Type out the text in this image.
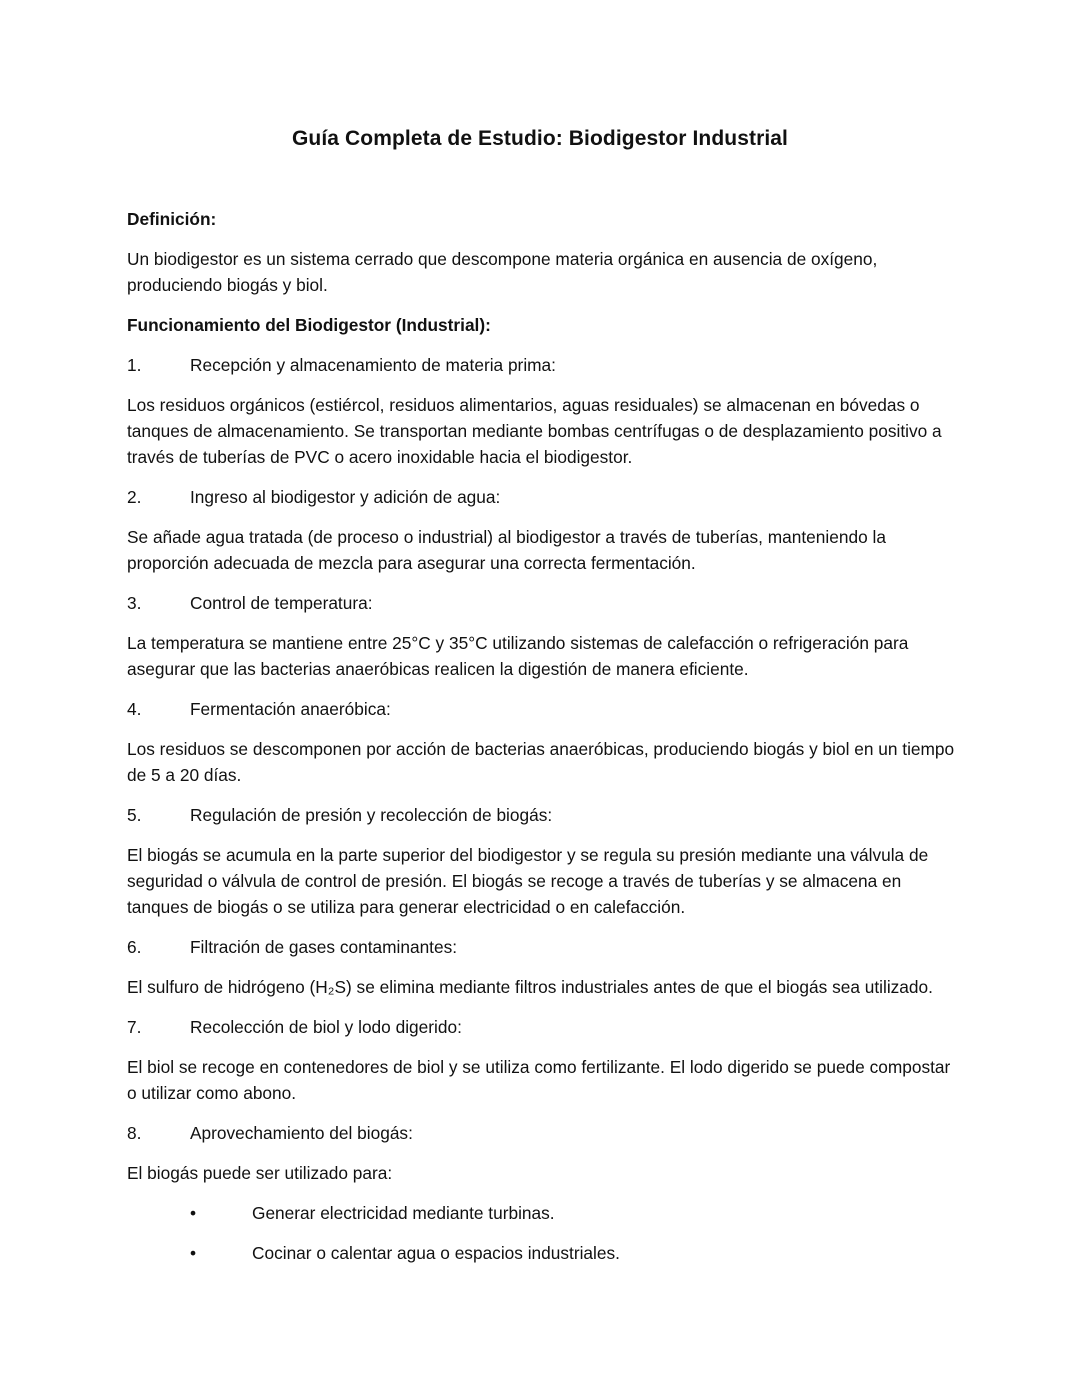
Guía Completa de Estudio: Biodigestor Industrial

Definición:

Un biodigestor es un sistema cerrado que descompone materia orgánica en ausencia de oxígeno, produciendo biogás y biol.

Funcionamiento del Biodigestor (Industrial):

1.	Recepción y almacenamiento de materia prima:

Los residuos orgánicos (estiércol, residuos alimentarios, aguas residuales) se almacenan en bóvedas o tanques de almacenamiento. Se transportan mediante bombas centrífugas o de desplazamiento positivo a través de tuberías de PVC o acero inoxidable hacia el biodigestor.

2.	Ingreso al biodigestor y adición de agua:

Se añade agua tratada (de proceso o industrial) al biodigestor a través de tuberías, manteniendo la proporción adecuada de mezcla para asegurar una correcta fermentación.

3.	Control de temperatura:

La temperatura se mantiene entre 25°C y 35°C utilizando sistemas de calefacción o refrigeración para asegurar que las bacterias anaeróbicas realicen la digestión de manera eficiente.

4.	Fermentación anaeróbica:

Los residuos se descomponen por acción de bacterias anaeróbicas, produciendo biogás y biol en un tiempo de 5 a 20 días.

5.	Regulación de presión y recolección de biogás:

El biogás se acumula en la parte superior del biodigestor y se regula su presión mediante una válvula de seguridad o válvula de control de presión. El biogás se recoge a través de tuberías y se almacena en tanques de biogás o se utiliza para generar electricidad o en calefacción.

6.	Filtración de gases contaminantes:

El sulfuro de hidrógeno (H₂S) se elimina mediante filtros industriales antes de que el biogás sea utilizado.

7.	Recolección de biol y lodo digerido:

El biol se recoge en contenedores de biol y se utiliza como fertilizante. El lodo digerido se puede compostar o utilizar como abono.

8.	Aprovechamiento del biogás:

El biogás puede ser utilizado para:

•	Generar electricidad mediante turbinas.
•	Cocinar o calentar agua o espacios industriales.
